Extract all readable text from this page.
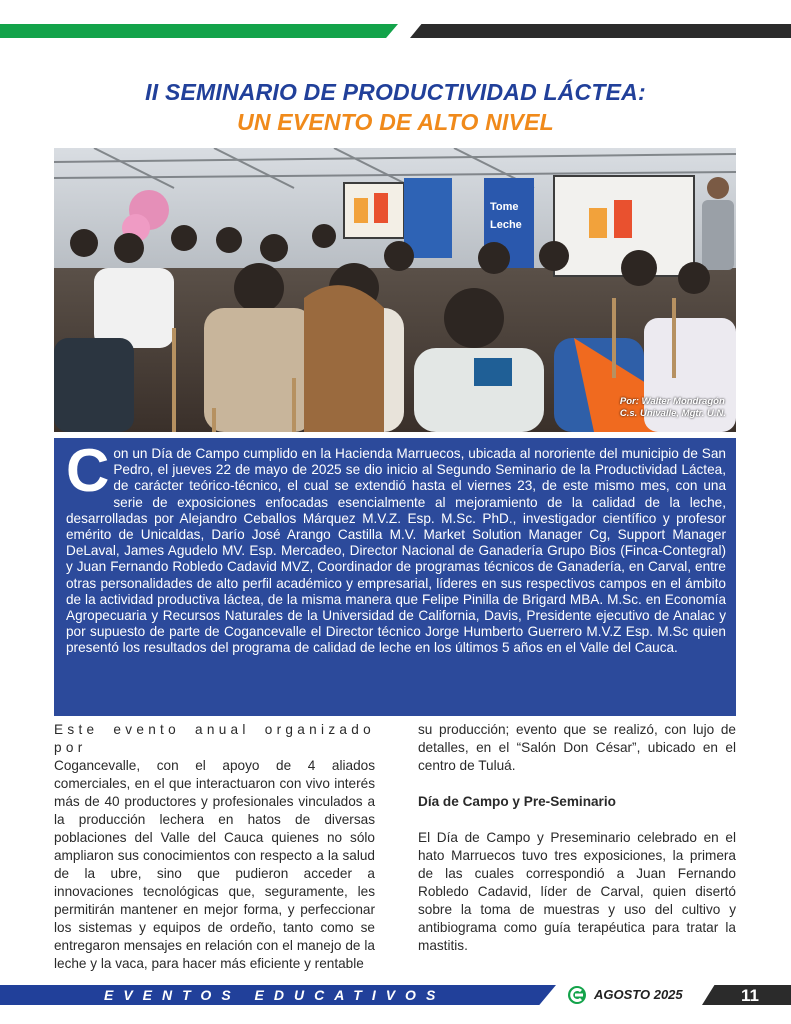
II SEMINARIO DE PRODUCTIVIDAD LÁCTEA:
UN EVENTO DE ALTO NIVEL
Tome
Leche
Por: Walter Mondragón
C.s. Univalle, Mgtr. U.N.
C on un Día de Campo cumplido en la Hacienda Marruecos, ubicada al nororiente del municipio de San Pedro, el jueves 22 de mayo de 2025 se dio inicio al Segundo Seminario de la Productividad Láctea, de carácter teórico-técnico, el cual se extendió hasta el viernes 23, de este mismo mes, con una serie de exposiciones enfocadas esencialmente al mejoramiento de la calidad de la leche, desarrolladas por Alejandro Ceballos Márquez M.V.Z. Esp. M.Sc. PhD., investigador científico y profesor emérito de Unicaldas, Darío José Arango Castilla M.V. Market Solution Manager Cg, Support Manager DeLaval, James Agudelo MV. Esp. Mercadeo, Director Nacional de Ganadería Grupo Bios (Finca-Contegral) y Juan Fernando Robledo Cadavid MVZ, Coordinador de programas técnicos de Ganadería, en Carval, entre otras personalidades de alto perfil académico y empresarial, líderes en sus respectivos campos en el ámbito de la actividad productiva láctea, de la misma manera que Felipe Pinilla de Brigard MBA. M.Sc. en Economía Agropecuaria y Recursos Naturales de la Universidad de California, Davis, Presidente ejecutivo de Analac y por supuesto de parte de Cogancevalle el Director técnico Jorge Humberto Guerrero M.V.Z Esp. M.Sc quien presentó los resultados del programa de calidad de leche en los últimos 5 años en el Valle del Cauca.

Este evento anual organizado por

Cogancevalle, con el apoyo de 4 aliados comerciales, en el que interactuaron con vivo interés más de 40 productores y profesionales vinculados a la producción lechera en hatos de diversas poblaciones del Valle del Cauca quienes no sólo ampliaron sus conocimientos con respecto a la salud de la ubre, sino que pudieron acceder a innovaciones tecnológicas que, seguramente, les permitirán mantener en mejor forma, y perfeccionar los sistemas y equipos de ordeño, tanto como se entregaron mensajes en relación con el manejo de la leche y la vaca, para hacer más eficiente y rentable

su producción; evento que se realizó, con lujo de detalles, en el “Salón Don César”, ubicado en el centro de Tuluá.

Día de Campo y Pre-Seminario

El Día de Campo y Preseminario celebrado en el hato Marruecos tuvo tres exposiciones, la primera de las cuales correspondió a Juan Fernando Robledo Cadavid, líder de Carval, quien disertó sobre la toma de muestras y uso del cultivo y antibiograma como guía terapéutica para tratar la mastitis.

EVENTOS EDUCATIVOS	AGOSTO 2025	11
